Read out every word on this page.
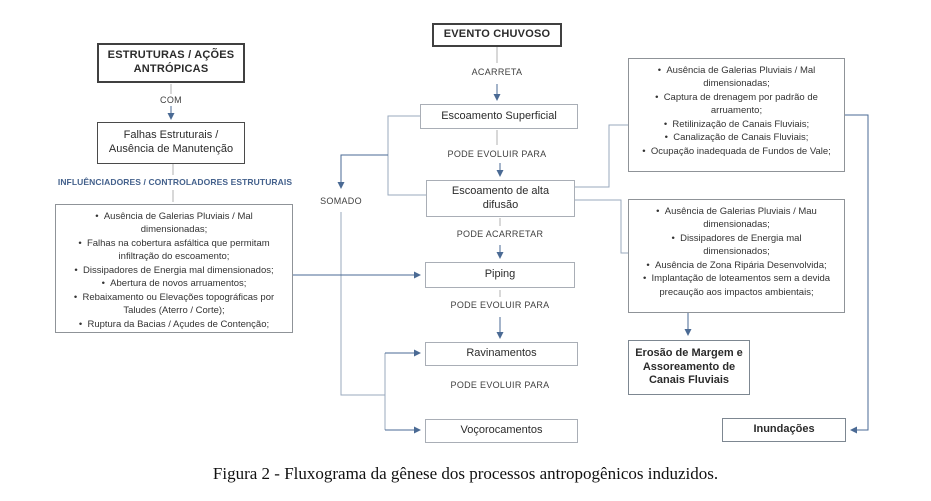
ESTRUTURAS / AÇÕES ANTRÓPICAS
COM
Falhas Estruturais / Ausência de Manutenção
INFLUÊNCIADORES / CONTROLADORES ESTRUTURAIS
•  Ausência de Galerias Pluviais / Mal dimensionadas;
•  Falhas na cobertura asfáltica que permitam infiltração do escoamento;
•  Dissipadores de Energia mal dimensionados;
•  Abertura de novos arruamentos;
•  Rebaixamento ou Elevações topográficas por Taludes (Aterro / Corte);
•  Ruptura da Bacias / Açudes de Contenção;
EVENTO CHUVOSO
ACARRETA
Escoamento Superficial
PODE EVOLUIR PARA
Escoamento de alta difusão
PODE ACARRETAR
Piping
PODE EVOLUIR PARA
Ravinamentos
PODE EVOLUIR PARA
Voçorocamentos
SOMADO
•  Ausência de Galerias Pluviais / Mal dimensionadas;
•  Captura de drenagem por padrão de arruamento;
•  Retilinização de Canais Fluviais;
•  Canalização de Canais Fluviais;
•  Ocupação inadequada de Fundos de Vale;
•  Ausência de Galerias Pluviais / Mau dimensionadas;
•  Dissipadores de Energia mal dimensionados;
•  Ausência de Zona Ripária Desenvolvida;
•  Implantação de loteamentos sem a devida precaução aos impactos ambientais;
Erosão de Margem e Assoreamento de Canais Fluviais
Inundações
Figura 2 - Fluxograma da gênese dos processos antropogênicos induzidos.
